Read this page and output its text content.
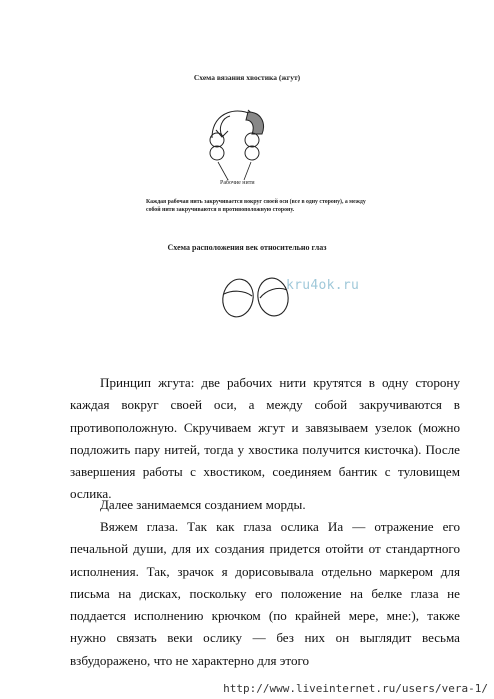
Схема вязания хвостика (жгут)
Рабочие нити
Каждая рабочая нить закручивается вокруг своей оси (все в одну сторону), а между собой нити закручиваются в противоположную сторону.
Схема расположения век относительно глаз
kru4ok.ru

Принцип жгута: две рабочих нити крутятся в одну сторону каждая вокруг своей оси, а между собой закручиваются в противоположную. Скручиваем жгут и завязываем узелок (можно подложить пару нитей, тогда у хвостика получится кисточка). После завершения работы с хвостиком, соединяем бантик с туловищем ослика.

Далее занимаемся созданием морды.

Вяжем глаза. Так как глаза ослика Иа — отражение его печальной души, для их создания придется отойти от стандартного исполнения. Так, зрачок я дорисовывала отдельно маркером для письма на дисках, поскольку его положение на белке глаза не поддается исполнению крючком (по крайней мере, мне:), также нужно связать веки ослику — без них он выглядит весьма взбудоражено, что не характерно для этого

http://www.liveinternet.ru/users/vera-1/
